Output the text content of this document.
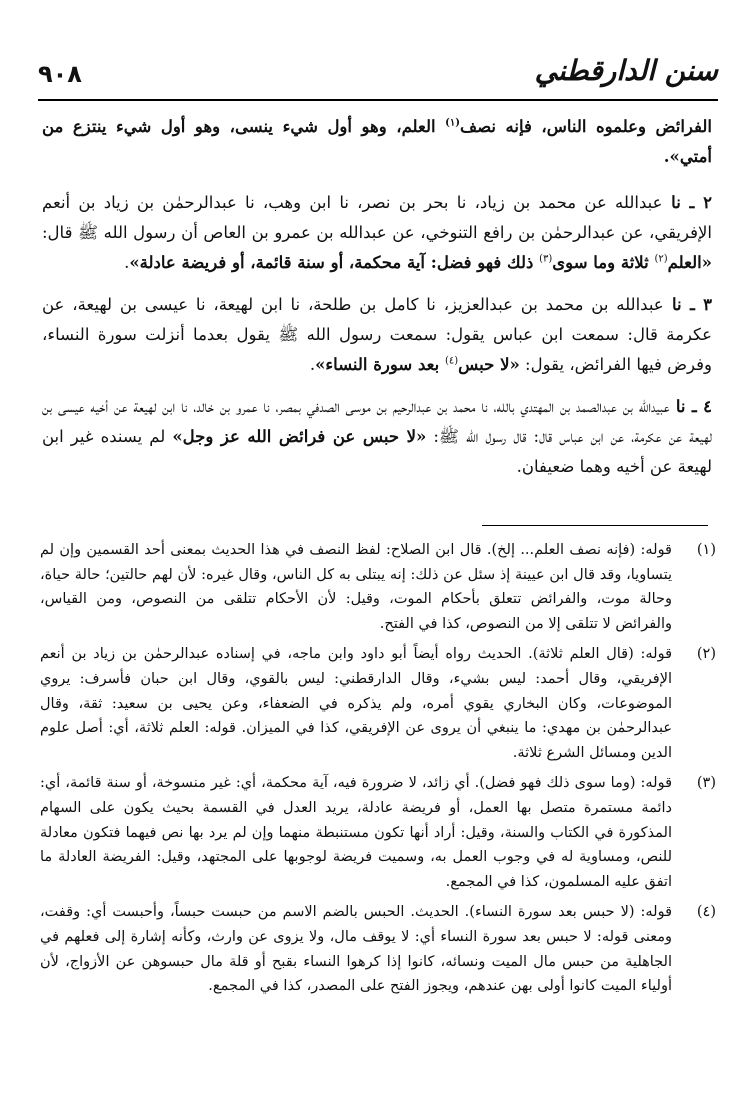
٩٠٨	سنن الدارقطني

الفرائض وعلموه الناس، فإنه نصف$^{(١)}$ العلم، وهو أول شيء ينسى، وهو أول شيء ينتزع من أمتي».

٢ ـ نا عبدالله عن محمد بن زياد، نا بحر بن نصر، نا ابن وهب، نا عبدالرحمٰن بن زياد بن أنعم الإفريقي، عن عبدالرحمٰن بن رافع التنوخي، عن عبدالله بن عمرو بن العاص أن رسول الله ﷺ قال: «العلم$^{(٢)}$ ثلاثة وما سوى$^{(٣)}$ ذلك فهو فضل: آية محكمة، أو سنة قائمة، أو فريضة عادلة».

٣ ـ نا عبدالله بن محمد بن عبدالعزيز، نا كامل بن طلحة، نا ابن لهيعة، نا عيسى بن لهيعة، عن عكرمة قال: سمعت ابن عباس يقول: سمعت رسول الله ﷺ يقول بعدما أنزلت سورة النساء، وفرض فيها الفرائض، يقول: «لا حبس$^{(٤)}$ بعد سورة النساء».

٤ ـ نا عبيدالله بن عبدالصمد بن المهتدي بالله، نا محمد بن عبدالرحيم بن موسى الصدفي بمصر، نا عمرو بن خالد، نا ابن لهيعة عن أخيه عيسى بن لهيعة عن عكرمة، عن ابن عباس قال: قال رسول الله ﷺ: «لا حبس عن فرائض الله عز وجل» لم يسنده غير ابن لهيعة عن أخيه وهما ضعيفان.

(١)
قوله: (فإنه نصف العلم... إلخ). قال ابن الصلاح: لفظ النصف في هذا الحديث بمعنى أحد القسمين وإن لم يتساويا، وقد قال ابن عيينة إذ سئل عن ذلك: إنه يبتلى به كل الناس، وقال غيره: لأن لهم حالتين؛ حالة حياة، وحالة موت، والفرائض تتعلق بأحكام الموت، وقيل: لأن الأحكام تتلقى من النصوص، ومن القياس، والفرائض لا تتلقى إلا من النصوص، كذا في الفتح.
(٢)
قوله: (قال العلم ثلاثة). الحديث رواه أيضاً أبو داود وابن ماجه، في إسناده عبدالرحمٰن بن زياد بن أنعم الإفريقي، وقال أحمد: ليس بشيء، وقال الدارقطني: ليس بالقوي، وقال ابن حبان فأسرف: يروي الموضوعات، وكان البخاري يقوي أمره، ولم يذكره في الضعفاء، وعن يحيى بن سعيد: ثقة، وقال عبدالرحمٰن بن مهدي: ما ينبغي أن يروى عن الإفريقي، كذا في الميزان. قوله: العلم ثلاثة، أي: أصل علوم الدين ومسائل الشرع ثلاثة.
(٣)
قوله: (وما سوى ذلك فهو فضل). أي زائد، لا ضرورة فيه، آية محكمة، أي: غير منسوخة، أو سنة قائمة، أي: دائمة مستمرة متصل بها العمل، أو فريضة عادلة، يريد العدل في القسمة بحيث يكون على السهام المذكورة في الكتاب والسنة، وقيل: أراد أنها تكون مستنبطة منهما وإن لم يرد بها نص فيهما فتكون معادلة للنص، ومساوية له في وجوب العمل به، وسميت فريضة لوجوبها على المجتهد، وقيل: الفريضة العادلة ما اتفق عليه المسلمون، كذا في المجمع.
(٤)
قوله: (لا حبس بعد سورة النساء). الحديث. الحبس بالضم الاسم من حبست حبساً، وأحبست أي: وقفت، ومعنى قوله: لا حبس بعد سورة النساء أي: لا يوقف مال، ولا يزوى عن وارث، وكأنه إشارة إلى فعلهم في الجاهلية من حبس مال الميت ونسائه، كانوا إذا كرهوا النساء بقبح أو قلة مال حبسوهن عن الأزواج، لأن أولياء الميت كانوا أولى بهن عندهم، ويجوز الفتح على المصدر، كذا في المجمع.
